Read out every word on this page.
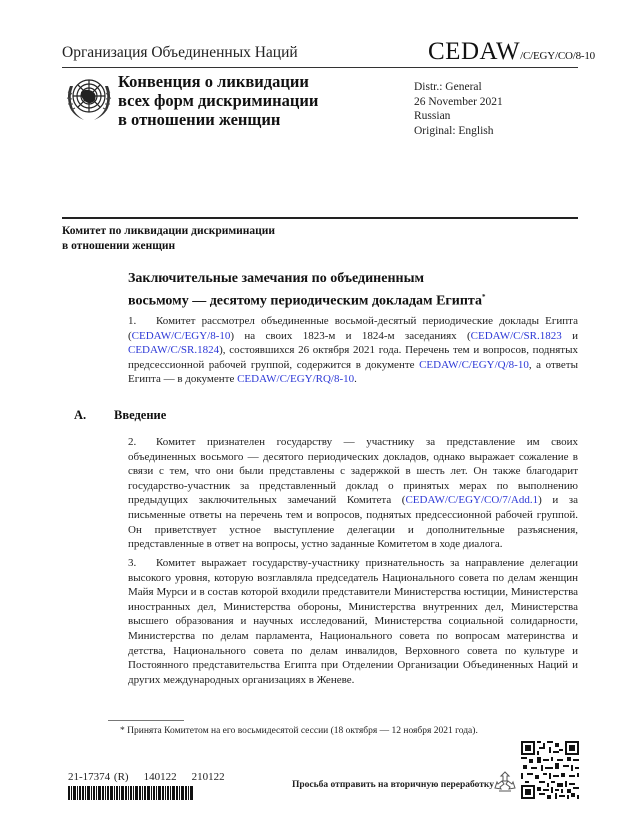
Организация Объединенных Наций	CEDAW/C/EGY/CO/8-10
Конвенция о ликвидации
всех форм дискриминации
в отношении женщин
Distr.: General
26 November 2021
Russian
Original: English
Комитет по ликвидации дискриминации
в отношении женщин
Заключительные замечания по объединенным
восьмому — десятому периодическим докладам Египта*
1. Комитет рассмотрел объединенные восьмой-десятый периодические доклады Египта (CEDAW/C/EGY/8-10) на своих 1823-м и 1824-м заседаниях (CEDAW/C/SR.1823 и CEDAW/C/SR.1824), состоявшихся 26 октября 2021 года. Перечень тем и вопросов, поднятых предсессионной рабочей группой, содержится в документе CEDAW/C/EGY/Q/8-10, а ответы Египта — в документе CEDAW/C/EGY/RQ/8-10.
A. Введение
2. Комитет признателен государству — участнику за представление им своих объединенных восьмого — десятого периодических докладов, однако выражает сожаление в связи с тем, что они были представлены с задержкой в шесть лет. Он также благодарит государство-участник за представленный доклад о принятых мерах по выполнению предыдущих заключительных замечаний Комитета (CEDAW/C/EGY/CO/7/Add.1) и за письменные ответы на перечень тем и вопросов, поднятых предсессионной рабочей группой. Он приветствует устное выступление делегации и дополнительные разъяснения, представленные в ответ на вопросы, устно заданные Комитетом в ходе диалога.
3. Комитет выражает государству-участнику признательность за направление делегации высокого уровня, которую возглавляла председатель Национального совета по делам женщин Майя Мурси и в состав которой входили представители Министерства юстиции, Министерства иностранных дел, Министерства обороны, Министерства внутренних дел, Министерства высшего образования и научных исследований, Министерства социальной солидарности, Министерства по делам парламента, Национального совета по вопросам материнства и детства, Национального совета по делам инвалидов, Верховного совета по культуре и Постоянного представительства Египта при Отделении Организации Объединенных Наций и других международных организациях в Женеве.
* Принята Комитетом на его восьмидесятой сессии (18 октября — 12 ноября 2021 года).
21-17374 (R)    140122    210122
Просьба отправить на вторичную переработку
